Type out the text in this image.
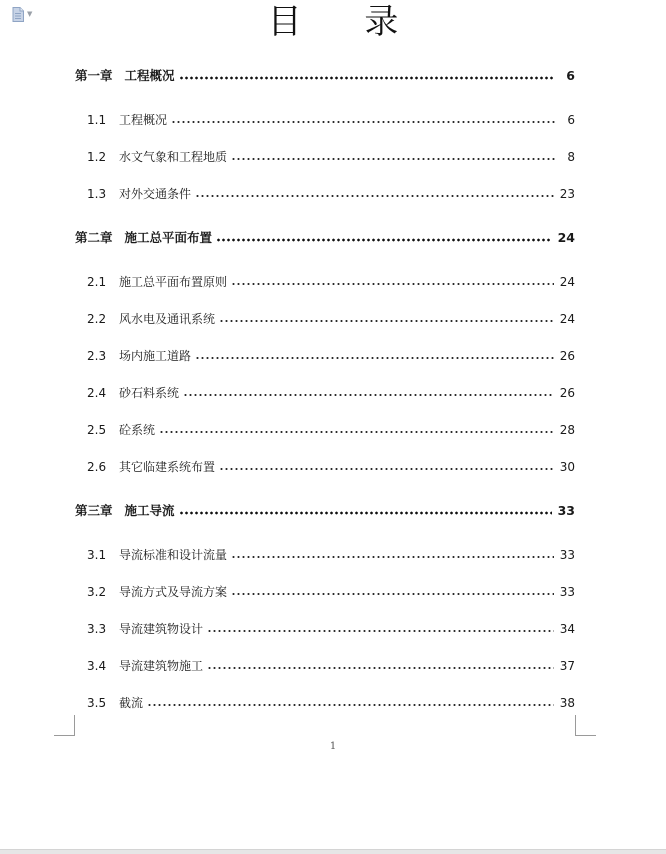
▼	目 录
第一章 工程概况	6
1.1	工程概况	6
1.2	水文气象和工程地质	8
1.3	对外交通条件	23
第二章 施工总平面布置	24
2.1	施工总平面布置原则	24
2.2	风水电及通讯系统	24
2.3	场内施工道路	26
2.4	砂石料系统	26
2.5	砼系统	28
2.6	其它临建系统布置	30
第三章 施工导流	33
3.1	导流标准和设计流量	33
3.2	导流方式及导流方案	33
3.3	导流建筑物设计	34
3.4	导流建筑物施工	37
3.5	截流	38
1
